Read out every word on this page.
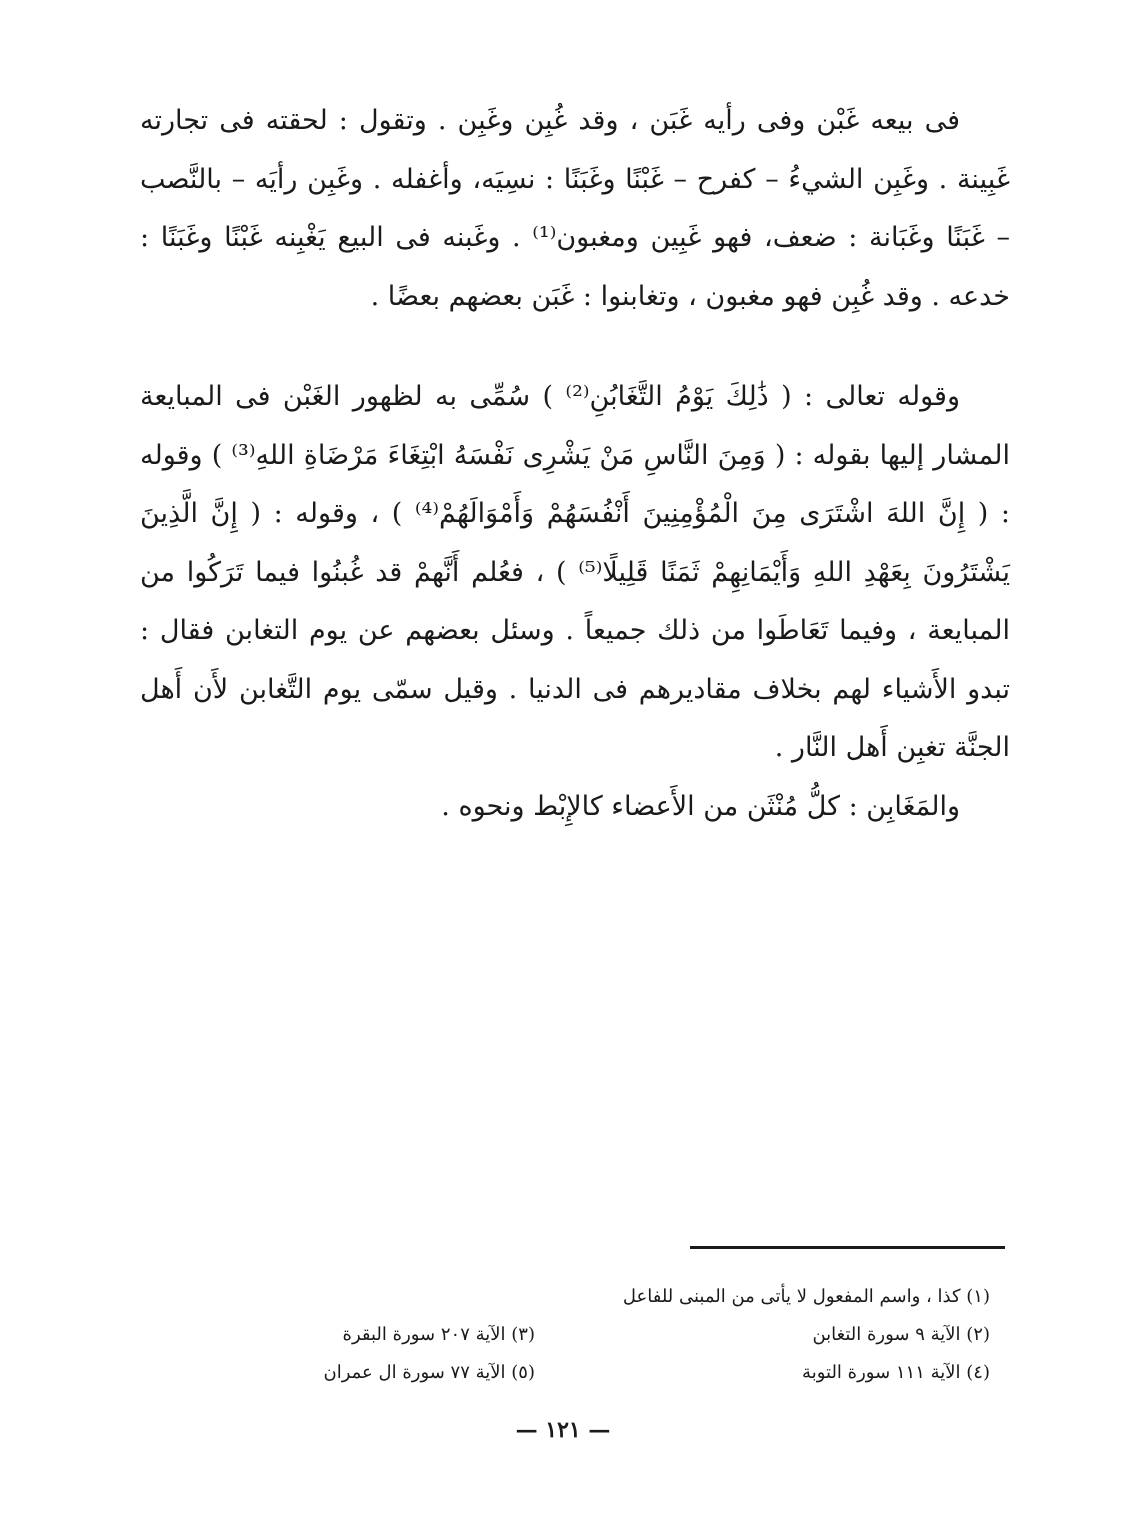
فى بيعه غَبْن وفى رأيه غَبَن ، وقد غُبِن وغَبِن . وتقول : لحقته فى تجارته غَبِينة . وغَبِن الشيءُ – كفرح – غَبْنًا وغَبَنًا : نسِيَه، وأغفله . وغَبِن رأيَه – بالنَّصب – غَبَنًا وغَبَانة : ضعف، فهو غَبِين ومغبون⁽¹⁾ . وغَبنه فى البيع يَغْبِنه غَبْنًا وغَبَنًا : خدعه . وقد غُبِن فهو مغبون ، وتغابنوا : غَبَن بعضهم بعضًا .

وقوله تعالى : ( ذَٰلِكَ يَوْمُ التَّغَابُنِ⁽²⁾ ) سُمِّى به لظهور الغَبْن فى المبايعة المشار إليها بقوله : ( وَمِنَ النَّاسِ مَنْ يَشْرِى نَفْسَهُ ابْتِغَاءَ مَرْضَاةِ اللهِ⁽³⁾ ) وقوله : ( إِنَّ اللهَ اشْتَرَى مِنَ الْمُؤْمِنِينَ أَنْفُسَهُمْ وَأَمْوَالَهُمْ⁽⁴⁾ ) ، وقوله : ( إِنَّ الَّذِينَ يَشْتَرُونَ بِعَهْدِ اللهِ وَأَيْمَانِهِمْ ثَمَنًا قَلِيلًا⁽⁵⁾ ) ، فعُلم أَنَّهمْ قد غُبنُوا فيما تَرَكُوا من المبايعة ، وفيما تَعَاطَوا من ذلك جميعاً . وسئل بعضهم عن يوم التغابن فقال : تبدو الأَشياء لهم بخلاف مقاديرهم فى الدنيا . وقيل سمّى يوم التَّغابن لأَن أَهل الجنَّة تغبِن أَهل النَّار .

والمَغَابِن : كلُّ مُنْثَن من الأَعضاء كالإِبْط ونحوه .

(١) كذا ، واسم المفعول لا يأتى من المبنى للفاعل
(٢) الآية ٩ سورة التغابن
(٣) الآية ٢٠٧ سورة البقرة
(٤) الآية ١١١ سورة التوبة
(٥) الآية ٧٧ سورة ال عمران
— ١٢١ —
